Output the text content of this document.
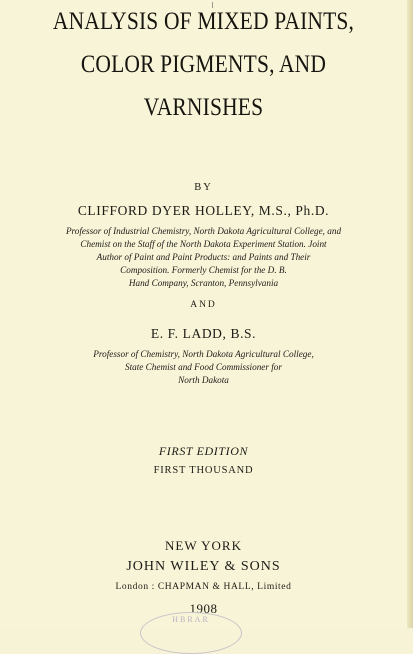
ANALYSIS OF MIXED PAINTS,
COLOR PIGMENTS, AND
VARNISHES
BY
CLIFFORD DYER HOLLEY, M.S., Ph.D.
Professor of Industrial Chemistry, North Dakota Agricultural College, and
Chemist on the Staff of the North Dakota Experiment Station. Joint
Author of Paint and Paint Products: and Paints and Their
Composition. Formerly Chemist for the D. B.
Hand Company, Scranton, Pennsylvania
AND
E. F. LADD, B.S.
Professor of Chemistry, North Dakota Agricultural College,
State Chemist and Food Commissioner for
North Dakota
FIRST EDITION
FIRST THOUSAND
NEW YORK
JOHN WILEY & SONS
London : CHAPMAN & HALL, Limited
1908
HBRAR
